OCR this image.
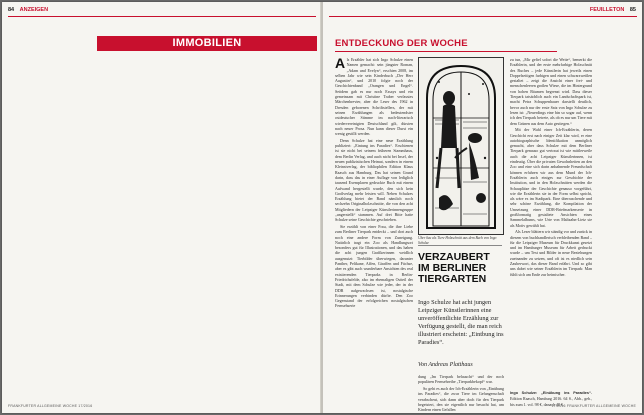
84 ANZEIGEN
IMMOBILIEN
FRANKFURTER ALLGEMEINE WOCHE 17/2016
FEUILLETON 85
ENTDECKUNG DER WOCHE

Als Erzähler hat sich Ingo Schulze einen Namen gemacht: sein jüngster Roman, „Adam und Evelyn“, erschien 2008, im selben Jahr wie sein Kinderbuch „Der Herr Augustin“, und 2010 folgte noch der Geschichtenband „Orangen und Engel“. Seitdem gab es nur noch Essays und ein gemeinsam mit Christine Traber verfasstes Märchenbrevier, aber die Leser des 1962 in Dresden geborenen Schriftstellers, der mit seinen Erzählungen als bedeutendster ostdeutscher Stimme im nach-literarisch wiedervereinigten Deutschland gilt, dürsten nach neuer Prosa. Nun kann dieser Durst ein wenig gestillt werden.

Denn Schulze hat eine neue Erzählung publiziert: „Eintung ins Paradies“. Erschienen ist sie nicht bei seinem früheren Stammhaus, dem Berlin Verlag, und auch nicht bei Insel, der neuen publizistischen Heimat, sondern in einem Kleinstverlag, der bibliophilen Edition Klaus Raasch aus Hamburg. Das hat seinen Grund darin, dass das in einer Auflage von lediglich tausend Exemplaren gedruckte Buch mit einem Aufwand hergestellt wurde, den sich kein Großverlag mehr leisten will. Neben Schulzes Erzählung bietet der Band nämlich noch sechzehn Originalholzschnitte, die von den acht Mitgliedern der Leipziger Künstlerinnengruppe „ungerstellt“ stammen. Auf drei Bitte hatte Schulze seine Geschichte geschrieben.

Sie erzählt von einer Frau, die ihre Liebe zum Berliner Tierpark entdeckt – und dort auch noch eine andere Form von Zuneigung. Natürlich tragt ein Zoo als Handlungsort besonders gut für Illustrationen, und das haben die acht jungen Grafikerinnen weidlich ausgenutzt: Tierbilder überwiegen, darunter Panther, Pelikane, Affen, Giraffen und Füchse, aber es gibt auch wunderbare Ansichten des real existierenden Tierparks in Berlin-Friedrichsfelde, also im ehemaligen Ostteil der Stadt, mit dem Schulze wie jeder, der in der DDR aufgewachsen ist, nostalgische Erinnerungen verbinden dürfte. Den Zoo Gegenstand der erfolgreichen nostalgischen Fernsehserie

Über 6zu als Tiere Holzschnitt aus dem Buch von Ingo Schulze
VERZAUBERT IM BERLINER TIERGARTEN
Ingo Schulze hat acht jungen Leipziger Künstlerinnen eine unveröffentlichte Erzählung zur Verfügung gestellt, die man reich illustriert erscheint: „Eintbung ins Paradies“.
Von Andreas Platthaus

dung „Im Tierpark belauscht“ und der noch populären Fernsehreihe „Tierparkbekopf“ war.

So geht es auch der Ich-Erzählerin von „Einübung ins Paradies“, die zwar Tiere im Gefangenschaft verabscheut, sich dann aber doch für den Tierpark begeistert, den sie eigentlich nur besucht hat, um Kindern einen Gefallen

zu tun, „Mir gefiel sofort die Weite“, bemerkt die Erzählerin, und der erste mehrfarbige Holzschnitt des Buches – jede Künstlerin hat jeweils einen Doppelseitigen farbigen und einen schwarzweißen gestaltet – zeigt die Ansicht einer frei- und menschenleeren großen Wiese, die im Hintergrund von hohen Bäumen begrenzt wird. Dass dieser Tierpark tatsächlich auch ein Landschaftspark ist, macht Petra Schuppenhauer darstellt deutlich, bevor auch nur der erste Satz von Ingo Schulze zu lesen ist: „Neuerdings eine bin so sogar auf, wenn ich den Tierpark betrete, als ob es nur um Tiere mit dem Grünen aus dem Auto gestiegen.“

Mit der Wahl einer Ich-Erzählerin, deren Geschicht erst nach einiger Zeit klar wird, er eine autobiographische Identifikation unmöglich gemacht, aber dass Schulze mit dem Berliner Tierpark genauso gut vertraut ist wie mittlerweile auch die acht Leipziger Künstlerinnen, ist eindeutig. Über die privaten Gewohnheiten an den Zoo und eine sich darin anbahnende Freundschaft können erfahren wir aus dem Mund der Ich-Erzählerin auch einiges zur Geschichte der Institution, und in den Holzschnitten werden die Schauplätze der Geschichte genauso vorgeführt, wie die Erzählerin sie in der Form selbst spricht, als wäre es im Stadtpark. Eine überraschende und sehr schöne Erzählung, die Kompilation der Umsetzung einer DDR-Briefmarkenserie in großformatig gestaltete Ansichten eines Sammelalbums, wie Urte von Maltzahn-Lietz sie als Motiv gewählt hat.

Als Leser blättern wir ständig vor und zurück in diesem von buchhandlerisch verbleibenden Band – für die Leipziger Museum für Druckkunst gesetzt und im Hamburger Museum für Arbeit gedruckt wurde – um Text und Bilder in neue Beziehungen zueinander zu setzen, und oft ist es niedlich sein Zauberwort, das dieser Band erfährt. Und so gibt uns dabei wie seiner Erzählerin im Tierpark: Man fühlt sich am Ende zur heimischer.

Ingo Schulze: „Einübung ins Paradies“. Edition Raasch, Hamburg 2016. 64 S., Abb., geb., bis zum 1. vol. 98 €, danach 48 €.

17/2016 FRANKFURTER ALLGEMEINE WOCHE
